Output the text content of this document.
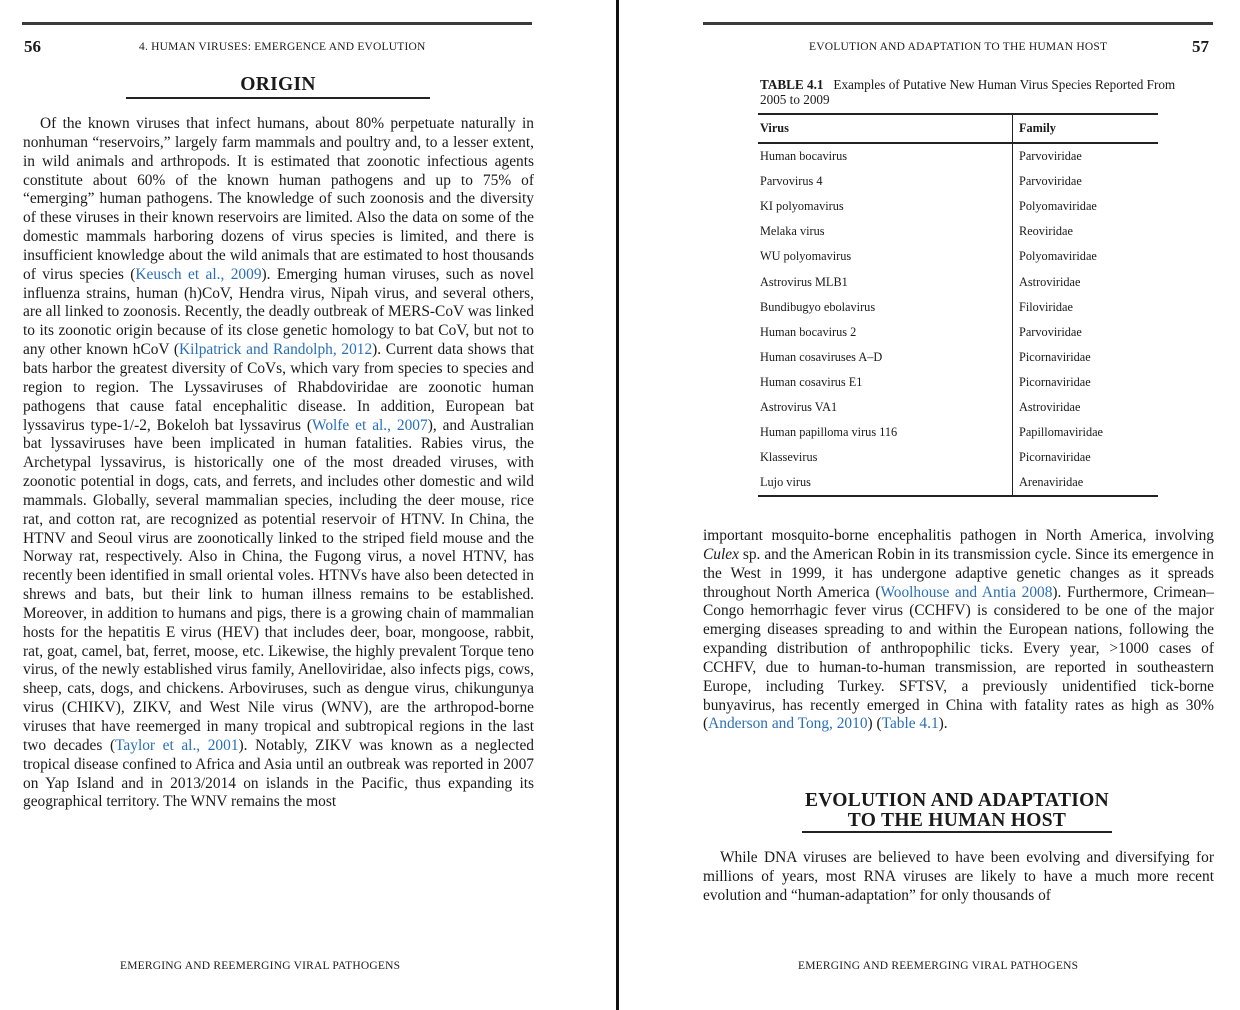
56	4. HUMAN VIRUSES: EMERGENCE AND EVOLUTION
ORIGIN

Of the known viruses that infect humans, about 80% perpetuate naturally in nonhuman “reservoirs,” largely farm mammals and poultry and, to a lesser extent, in wild animals and arthropods. It is estimated that zoonotic infectious agents constitute about 60% of the known human pathogens and up to 75% of “emerging” human pathogens. The knowledge of such zoonosis and the diversity of these viruses in their known reservoirs are limited. Also the data on some of the domestic mammals harboring dozens of virus species is limited, and there is insufficient knowledge about the wild animals that are estimated to host thousands of virus species (Keusch et al., 2009). Emerging human viruses, such as novel influenza strains, human (h)CoV, Hendra virus, Nipah virus, and several others, are all linked to zoonosis. Recently, the deadly outbreak of MERS-CoV was linked to its zoonotic origin because of its close genetic homology to bat CoV, but not to any other known hCoV (Kilpatrick and Randolph, 2012). Current data shows that bats harbor the greatest diversity of CoVs, which vary from species to species and region to region. The Lyssaviruses of Rhabdoviridae are zoonotic human pathogens that cause fatal encephalitic disease. In addition, European bat lyssavirus type-1/-2, Bokeloh bat lyssavirus (Wolfe et al., 2007), and Australian bat lyssaviruses have been implicated in human fatalities. Rabies virus, the Archetypal lyssavirus, is historically one of the most dreaded viruses, with zoonotic potential in dogs, cats, and ferrets, and includes other domestic and wild mammals. Globally, several mammalian species, including the deer mouse, rice rat, and cotton rat, are recognized as potential reservoir of HTNV. In China, the HTNV and Seoul virus are zoonotically linked to the striped field mouse and the Norway rat, respectively. Also in China, the Fugong virus, a novel HTNV, has recently been identified in small oriental voles. HTNVs have also been detected in shrews and bats, but their link to human illness remains to be established. Moreover, in addition to humans and pigs, there is a growing chain of mammalian hosts for the hepatitis E virus (HEV) that includes deer, boar, mongoose, rabbit, rat, goat, camel, bat, ferret, moose, etc. Likewise, the highly prevalent Torque teno virus, of the newly established virus family, Anelloviridae, also infects pigs, cows, sheep, cats, dogs, and chickens. Arboviruses, such as dengue virus, chikungunya virus (CHIKV), ZIKV, and West Nile virus (WNV), are the arthropod-borne viruses that have reemerged in many tropical and subtropical regions in the last two decades (Taylor et al., 2001). Notably, ZIKV was known as a neglected tropical disease confined to Africa and Asia until an outbreak was reported in 2007 on Yap Island and in 2013/2014 on islands in the Pacific, thus expanding its geographical territory. The WNV remains the most

EMERGING AND REEMERGING VIRAL PATHOGENS
EVOLUTION AND ADAPTATION TO THE HUMAN HOST	57
TABLE 4.1 Examples of Putative New Human Virus Species Reported From 2005 to 2009
Virus	Family
Human bocavirus	Parvoviridae
Parvovirus 4	Parvoviridae
KI polyomavirus	Polyomaviridae
Melaka virus	Reoviridae
WU polyomavirus	Polyomaviridae
Astrovirus MLB1	Astroviridae
Bundibugyo ebolavirus	Filoviridae
Human bocavirus 2	Parvoviridae
Human cosaviruses A–D	Picornaviridae
Human cosavirus E1	Picornaviridae
Astrovirus VA1	Astroviridae
Human papilloma virus 116	Papillomaviridae
Klassevirus	Picornaviridae
Lujo virus	Arenaviridae

important mosquito-borne encephalitis pathogen in North America, involving Culex sp. and the American Robin in its transmission cycle. Since its emergence in the West in 1999, it has undergone adaptive genetic changes as it spreads throughout North America (Woolhouse and Antia 2008). Furthermore, Crimean–Congo hemorrhagic fever virus (CCHFV) is considered to be one of the major emerging diseases spreading to and within the European nations, following the expanding distribution of anthropophilic ticks. Every year, >1000 cases of CCHFV, due to human-to-human transmission, are reported in southeastern Europe, including Turkey. SFTSV, a previously unidentified tick-borne bunyavirus, has recently emerged in China with fatality rates as high as 30% (Anderson and Tong, 2010) (Table 4.1).

EVOLUTION AND ADAPTATION
TO THE HUMAN HOST

While DNA viruses are believed to have been evolving and diversifying for millions of years, most RNA viruses are likely to have a much more recent evolution and “human-adaptation” for only thousands of

EMERGING AND REEMERGING VIRAL PATHOGENS
